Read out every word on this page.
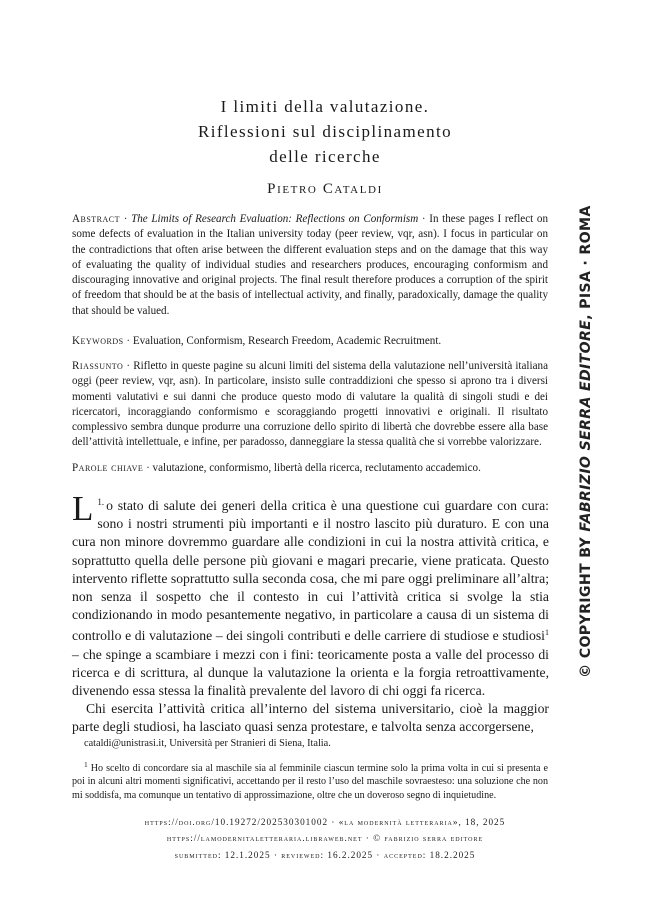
I limiti della valutazione.
Riflessioni sul disciplinamento
delle ricerche
Pietro Cataldi

Abstract · The Limits of Research Evaluation: Reflections on Conformism · In these pages I reflect on some defects of evaluation in the Italian university today (peer review, vqr, asn). I focus in particular on the contradictions that often arise between the different evaluation steps and on the damage that this way of evaluating the quality of individual studies and researchers produces, encouraging conformism and discouraging innovative and original projects. The final result therefore produces a corruption of the spirit of freedom that should be at the basis of intellectual activity, and finally, paradoxically, damage the quality that should be valued.

Keywords · Evaluation, Conformism, Research Freedom, Academic Recruitment.

Riassunto · Rifletto in queste pagine su alcuni limiti del sistema della valutazione nell’università italiana oggi (peer review, vqr, asn). In particolare, insisto sulle contraddizioni che spesso si aprono tra i diversi momenti valutativi e sui danni che produce questo modo di valutare la qualità di singoli studi e dei ricercatori, incoraggiando conformismo e scoraggiando progetti innovativi e originali. Il risultato complessivo sembra dunque produrre una corruzione dello spirito di libertà che dovrebbe essere alla base dell’attività intellettuale, e infine, per paradosso, danneggiare la stessa qualità che si vorrebbe valorizzare.

Parole chiave · valutazione, conformismo, libertà della ricerca, reclutamento accademico.

$^{1.}$
L o stato di salute dei generi della critica è una questione cui guardare con cura: sono i nostri strumenti più importanti e il nostro lascito più duraturo. E con una cura non minore dovremmo guardare alle condizioni in cui la nostra attività critica, e soprattutto quella delle persone più giovani e magari precarie, viene praticata. Questo intervento riflette soprattutto sulla seconda cosa, che mi pare oggi preliminare all’altra; non senza il sospetto che il contesto in cui l’attività critica si svolge la stia condizionando in modo pesantemente negativo, in particolare a causa di un sistema di controllo e di valutazione – dei singoli contributi e delle carriere di studiose e studiosi$^1$ – che spinge a scambiare i mezzi con i fini: teoricamente posta a valle del processo di ricerca e di scrittura, al dunque la valutazione la orienta e la forgia retroattivamente, divenendo essa stessa la finalità prevalente del lavoro di chi oggi fa ricerca.

Chi esercita l’attività critica all’interno del sistema universitario, cioè la maggior parte degli studiosi, ha lasciato quasi senza protestare, e talvolta senza accorgersene,

cataldi@unistrasi.it, Università per Stranieri di Siena, Italia.

$^1$ Ho scelto di concordare sia al maschile sia al femminile ciascun termine solo la prima volta in cui si presenta e poi in alcuni altri momenti significativi, accettando per il resto l’uso del maschile sovraesteso: una soluzione che non mi soddisfa, ma comunque un tentativo di approssimazione, oltre che un doveroso segno di inquietudine.

https://doi.org/10.19272/202530301002 · «la modernità letteraria», 18, 2025
https://lamodernitaletteraria.libraweb.net · © fabrizio serra editore
submitted: 12.1.2025 · reviewed: 16.2.2025 · accepted: 18.2.2025
© COPYRIGHT BY FABRIZIO SERRA EDITORE, PISA · ROMA
